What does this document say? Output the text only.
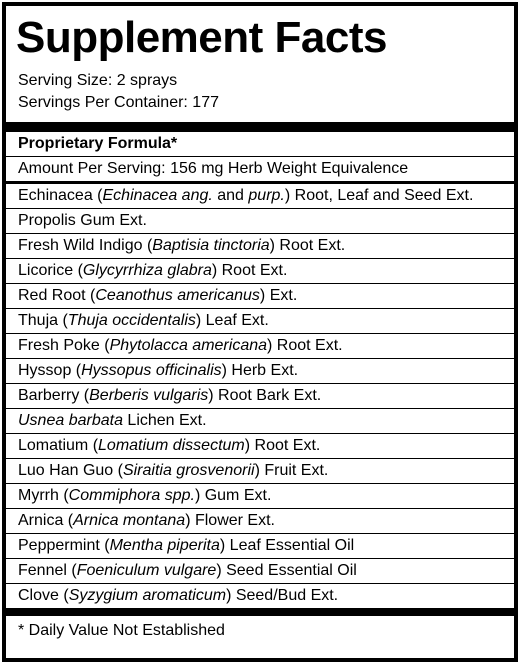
Supplement Facts
Serving Size: 2 sprays
Servings Per Container: 177
Proprietary Formula*
Amount Per Serving: 156 mg Herb Weight Equivalence
Echinacea (Echinacea ang. and purp.) Root, Leaf and Seed Ext.
Propolis Gum Ext.
Fresh Wild Indigo (Baptisia tinctoria) Root Ext.
Licorice (Glycyrrhiza glabra) Root Ext.
Red Root (Ceanothus americanus) Ext.
Thuja (Thuja occidentalis) Leaf Ext.
Fresh Poke (Phytolacca americana) Root Ext.
Hyssop (Hyssopus officinalis) Herb Ext.
Barberry (Berberis vulgaris) Root Bark Ext.
Usnea barbata Lichen Ext.
Lomatium (Lomatium dissectum) Root Ext.
Luo Han Guo (Siraitia grosvenorii) Fruit Ext.
Myrrh (Commiphora spp.) Gum Ext.
Arnica (Arnica montana) Flower Ext.
Peppermint (Mentha piperita) Leaf Essential Oil
Fennel (Foeniculum vulgare) Seed Essential Oil
Clove (Syzygium aromaticum) Seed/Bud Ext.
* Daily Value Not Established
